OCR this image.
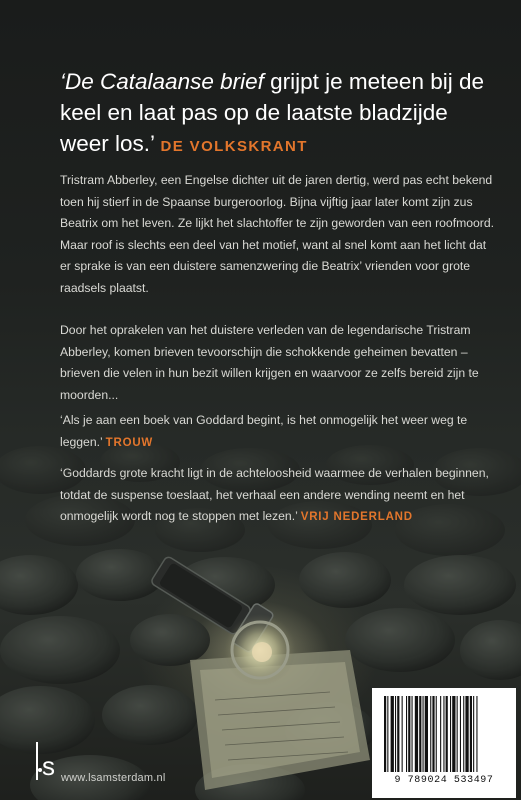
‘De Catalaanse brief grijpt je meteen bij de keel en laat pas op de laatste bladzijde weer los.’ DE VOLKSKRANT
Tristram Abberley, een Engelse dichter uit de jaren dertig, werd pas echt bekend toen hij stierf in de Spaanse burgeroorlog. Bijna vijftig jaar later komt zijn zus Beatrix om het leven. Ze lijkt het slachtoffer te zijn geworden van een roofmoord. Maar roof is slechts een deel van het motief, want al snel komt aan het licht dat er sprake is van een duistere samenzwering die Beatrix’ vrienden voor grote raadsels plaatst.
Door het oprakelen van het duistere verleden van de legendarische Tristram Abberley, komen brieven tevoorschijn die schokkende geheimen bevatten – brieven die velen in hun bezit willen krijgen en waarvoor ze zelfs bereid zijn te moorden...
‘Als je aan een boek van Goddard begint, is het onmogelijk het weer weg te leggen.’ TROUW
‘Goddards grote kracht ligt in de achteloosheid waarmee de verhalen beginnen, totdat de suspense toeslaat, het verhaal een andere wending neemt en het onmogelijk wordt nog te stoppen met lezen.’ VRIJ NEDERLAND
s www.lsamsterdam.nl	9 789024 533497
